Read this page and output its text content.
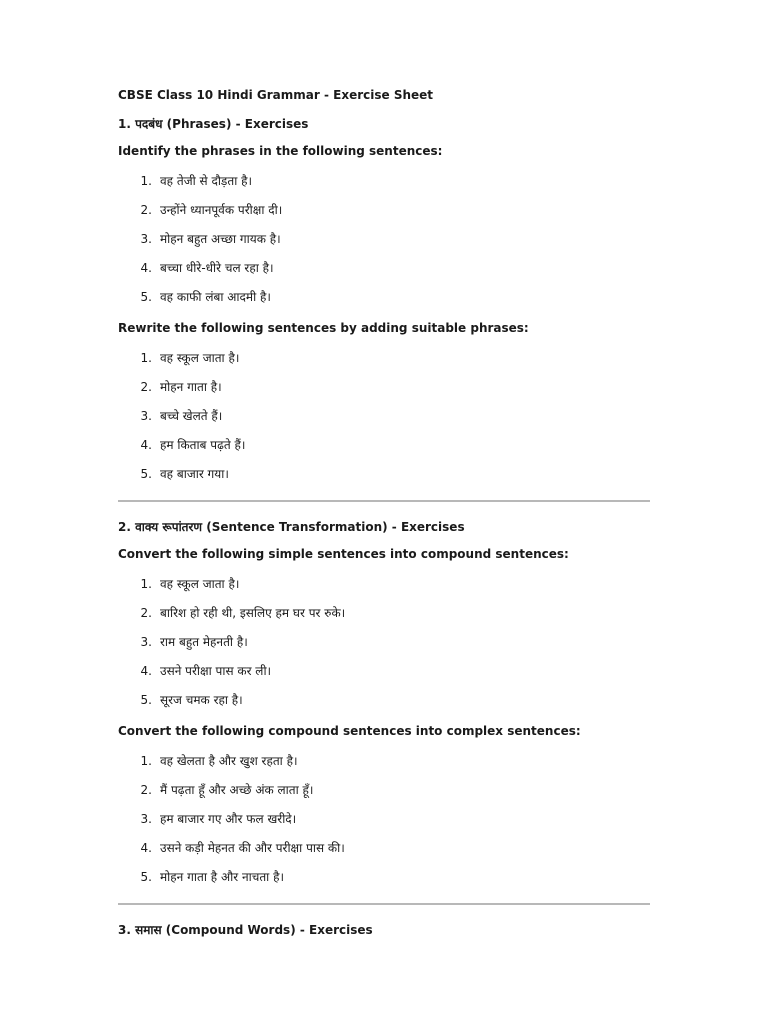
CBSE Class 10 Hindi Grammar - Exercise Sheet
1. पदबंध (Phrases) - Exercises
Identify the phrases in the following sentences:
1. वह तेजी से दौड़ता है।
2. उन्होंने ध्यानपूर्वक परीक्षा दी।
3. मोहन बहुत अच्छा गायक है।
4. बच्चा धीरे-धीरे चल रहा है।
5. वह काफी लंबा आदमी है।
Rewrite the following sentences by adding suitable phrases:
1. वह स्कूल जाता है।
2. मोहन गाता है।
3. बच्चे खेलते हैं।
4. हम किताब पढ़ते हैं।
5. वह बाजार गया।
2. वाक्य रूपांतरण (Sentence Transformation) - Exercises
Convert the following simple sentences into compound sentences:
1. वह स्कूल जाता है।
2. बारिश हो रही थी, इसलिए हम घर पर रुके।
3. राम बहुत मेहनती है।
4. उसने परीक्षा पास कर ली।
5. सूरज चमक रहा है।
Convert the following compound sentences into complex sentences:
1. वह खेलता है और खुश रहता है।
2. मैं पढ़ता हूँ और अच्छे अंक लाता हूँ।
3. हम बाजार गए और फल खरीदे।
4. उसने कड़ी मेहनत की और परीक्षा पास की।
5. मोहन गाता है और नाचता है।
3. समास (Compound Words) - Exercises
